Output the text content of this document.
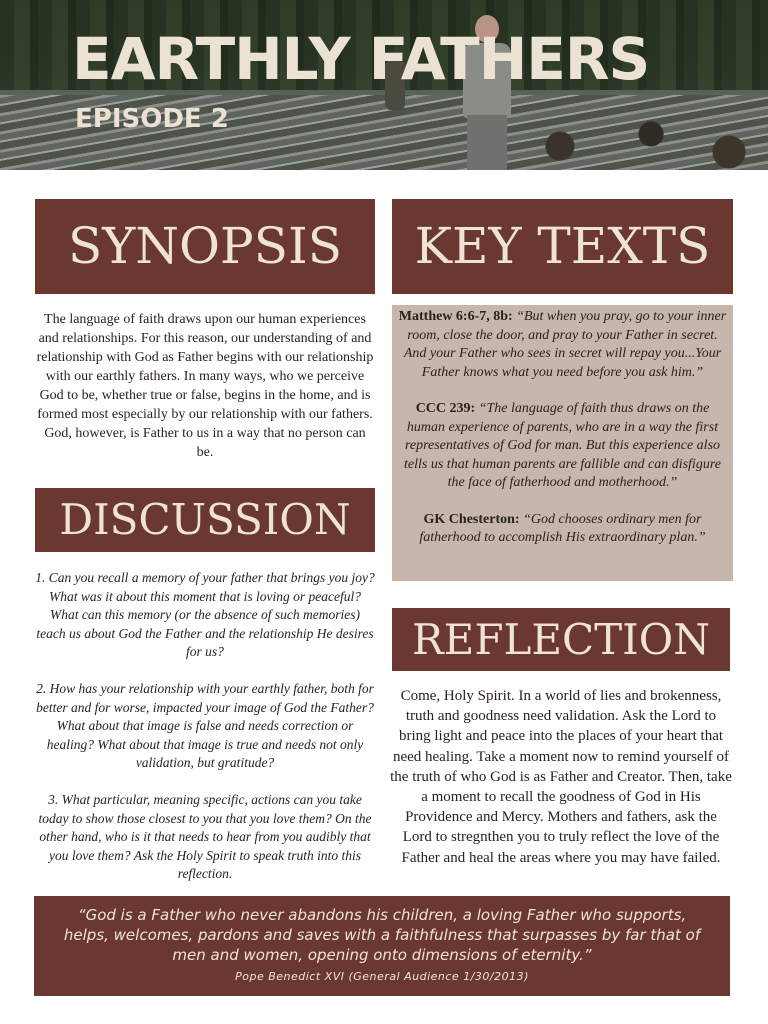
EARTHLY FATHERS
EPISODE 2
SYNOPSIS
The language of faith draws upon our human experiences and relationships. For this reason, our understanding of and relationship with God as Father begins with our relationship with our earthly fathers. In many ways, who we perceive God to be, whether true or false, begins in the home, and is formed most especially by our relationship with our fathers. God, however, is Father to us in a way that no person can be.
KEY TEXTS

Matthew 6:6-7, 8b: “But when you pray, go to your inner room, close the door, and pray to your Father in secret. And your Father who sees in secret will repay you...Your Father knows what you need before you ask him.”

CCC 239: “The language of faith thus draws on the human experience of parents, who are in a way the first representatives of God for man. But this experience also tells us that human parents are fallible and can disfigure the face of fatherhood and motherhood.”

GK Chesterton: “God chooses ordinary men for fatherhood to accomplish His extraordinary plan.”

DISCUSSION

1. Can you recall a memory of your father that brings you joy? What was it about this moment that is loving or peaceful? What can this memory (or the absence of such memories) teach us about God the Father and the relationship He desires for us?

2. How has your relationship with your earthly father, both for better and for worse, impacted your image of God the Father? What about that image is false and needs correction or healing? What about that image is true and needs not only validation, but gratitude?

3. What particular, meaning specific, actions can you take today to show those closest to you that you love them? On the other hand, who is it that needs to hear from you audibly that you love them? Ask the Holy Spirit to speak truth into this reflection.

REFLECTION
Come, Holy Spirit. In a world of lies and brokenness, truth and goodness need validation. Ask the Lord to bring light and peace into the places of your heart that need healing. Take a moment now to remind yourself of the truth of who God is as Father and Creator. Then, take a moment to recall the goodness of God in His Providence and Mercy. Mothers and fathers, ask the Lord to stregnthen you to truly reflect the love of the Father and heal the areas where you may have failed.
“God is a Father who never abandons his children, a loving Father who supports, helps, welcomes, pardons and saves with a faithfulness that surpasses by far that of men and women, opening onto dimensions of eternity.”
Pope Benedict XVI (General Audience 1/30/2013)
